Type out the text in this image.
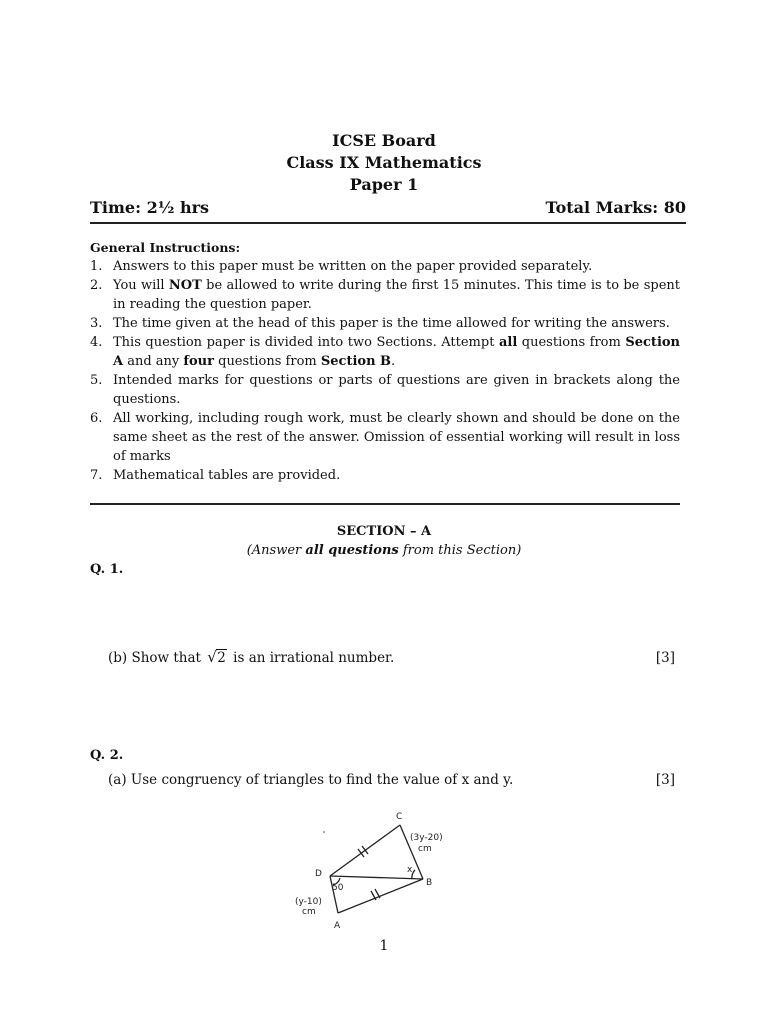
ICSE Board
Class IX Mathematics
Paper 1
Time: 2½ hrs	Total Marks: 80
General Instructions:
1. Answers to this paper must be written on the paper provided separately.
2. You will NOT be allowed to write during the first 15 minutes. This time is to be spent in reading the question paper.
3. The time given at the head of this paper is the time allowed for writing the answers.
4. This question paper is divided into two Sections. Attempt all questions from Section A and any four questions from Section B.
5. Intended marks for questions or parts of questions are given in brackets along the questions.
6. All working, including rough work, must be clearly shown and should be done on the same sheet as the rest of the answer. Omission of essential working will result in loss of marks
7. Mathematical tables are provided.
SECTION – A
(Answer all questions from this Section)
Q. 1.
(b) Show that √ 2 is an irrational number.	[3]
Q. 2.
(a) Use congruency of triangles to find the value of x and y.	[3]
C
D
B
A
x
50
(3y-20)
cm
(y-10)
cm
1
